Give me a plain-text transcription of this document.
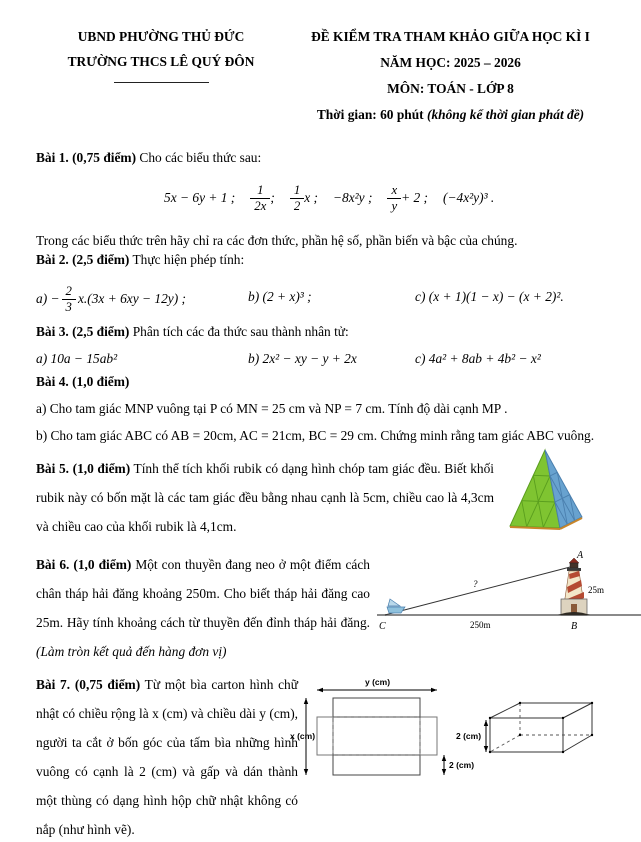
UBND PHƯỜNG THỦ ĐỨC
TRƯỜNG THCS LÊ QUÝ ĐÔN
ĐỀ KIỂM TRA THAM KHẢO GIỮA HỌC KÌ I
NĂM HỌC: 2025 – 2026
MÔN: TOÁN - LỚP 8
Thời gian: 60 phút (không kể thời gian phát đề)
Bài 1. (0,75 điểm) Cho các biểu thức sau:
5x − 6y + 1 ; $\frac{1}{2x}$ ; $\frac{1}{2}$ x ; −8x²y ; $\frac{x}{y} + 2$ ; (−4x²y)³ .
Trong các biểu thức trên hãy chỉ ra các đơn thức, phần hệ số, phần biến và bậc của chúng.
Bài 2. (2,5 điểm) Thực hiện phép tính:
$a) - \frac{2}{3} x.(3x + 6xy - 12y)$ ;	b) (2 + x)³ ;	c) (x + 1)(1 − x) − (x + 2)².
Bài 3. (2,5 điểm) Phân tích các đa thức sau thành nhân tử:
a) 10a − 15ab²	b) 2x² − xy − y + 2x	c) 4a² + 8ab + 4b² − x²
Bài 4. (1,0 điểm)
a) Cho tam giác MNP vuông tại P có MN = 25 cm và NP = 7 cm. Tính độ dài cạnh MP .
b) Cho tam giác ABC có AB = 20cm, AC = 21cm, BC = 29 cm. Chứng minh rằng tam giác ABC vuông.

Bài 5. (1,0 điểm) Tính thể tích khối rubik có dạng hình chóp tam giác đều. Biết khối rubik này có bốn mặt là các tam giác đều bằng nhau cạnh là 5cm, chiều cao là 4,3cm và chiều cao của khối rubik là 4,1cm.

Bài 6. (1,0 điểm) Một con thuyền đang neo ở một điểm cách chân tháp hải đăng khoảng 250m. Cho biết tháp hải đăng cao 25m. Hãy tính khoảng cách từ thuyền đến đỉnh tháp hải đăng. (Làm tròn kết quả đến hàng đơn vị)

A
B
C
?
250m
25m

Bài 7. (0,75 điểm) Từ một bìa carton hình chữ nhật có chiều rộng là x (cm) và chiều dài y (cm), người ta cắt ở bốn góc của tấm bìa những hình vuông có cạnh là 2 (cm) và gấp và dán thành một thùng có dạng hình hộp chữ nhật không có nắp (như hình vẽ).

y (cm)
x (cm)
2 (cm)
2 (cm)
